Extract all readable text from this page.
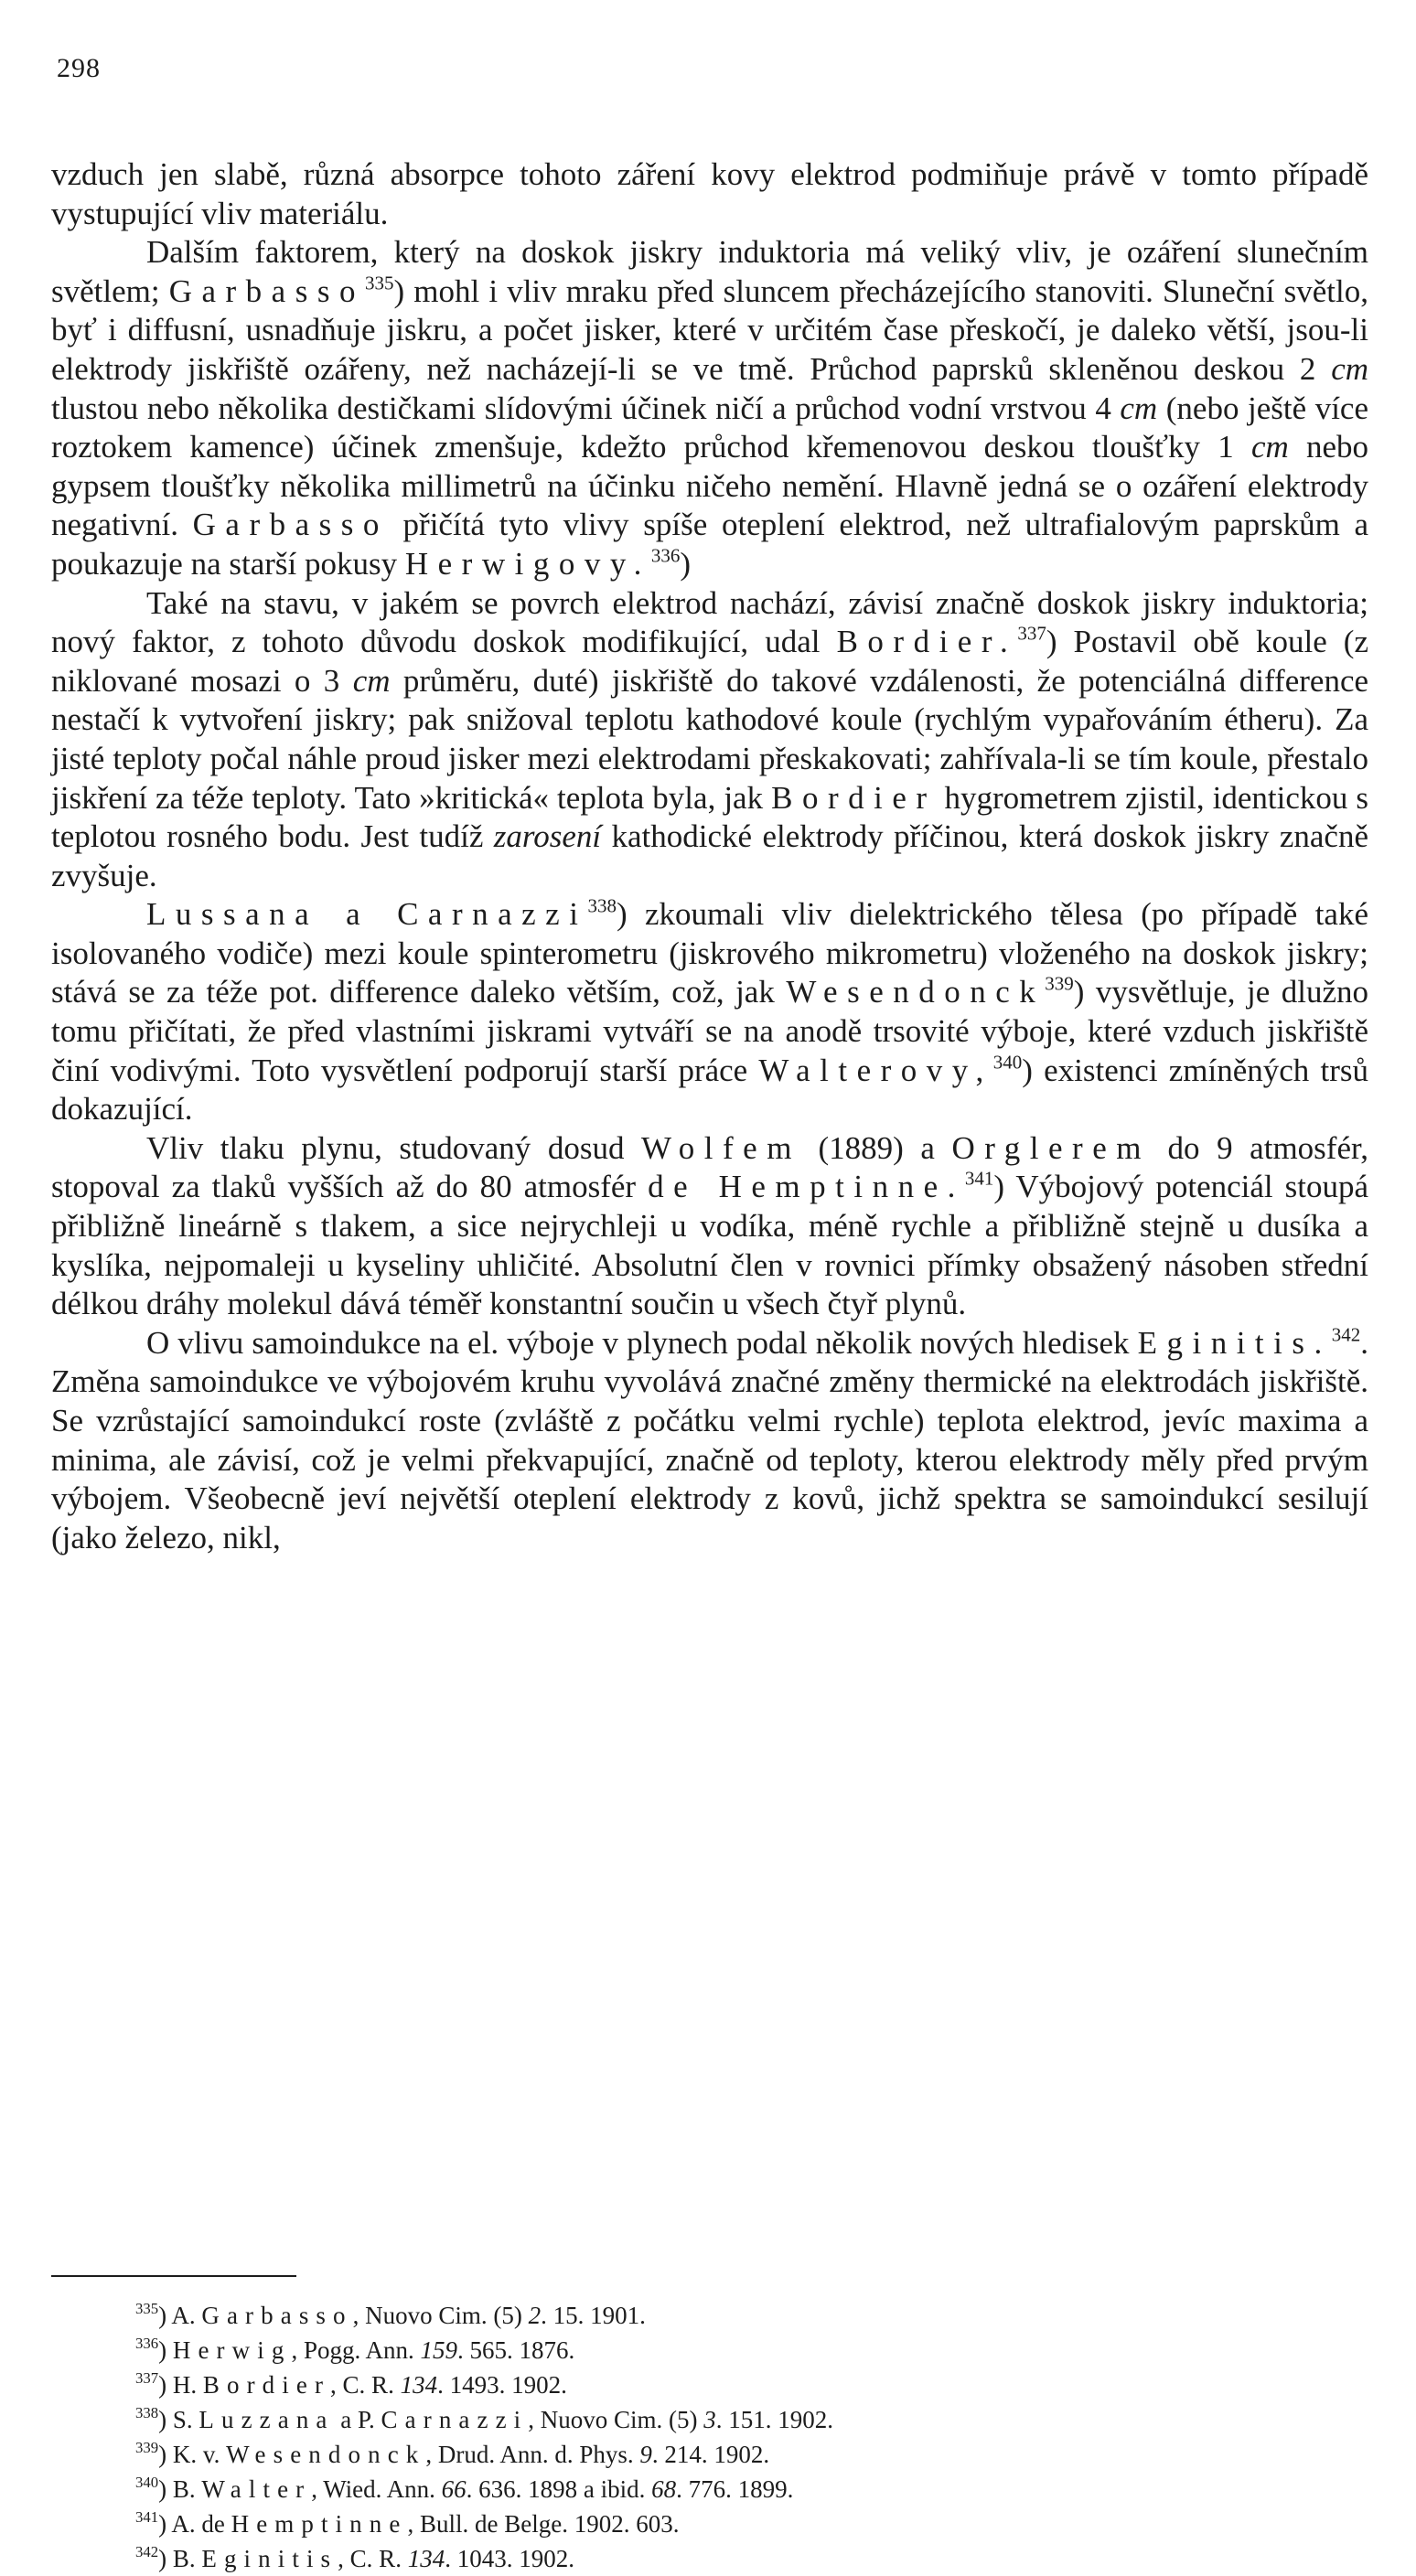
298

vzduch jen slabě, různá absorpce tohoto záření kovy elektrod podmiňuje právě v tomto případě vystupující vliv materiálu.

Dalším faktorem, který na doskok jiskry induktoria má veliký vliv, je ozáření slunečním světlem; Garbasso$^{335}$) mohl i vliv mraku před sluncem přecházejícího stanoviti. Sluneční světlo, byť i diffusní, usnadňuje jiskru, a počet jisker, které v určitém čase přeskočí, je daleko větší, jsou-li elektrody jiskřiště ozářeny, než nacházejí-li se ve tmě. Průchod paprsků skleněnou deskou 2 cm tlustou nebo několika destičkami slídovými účinek ničí a průchod vodní vrstvou 4 cm (nebo ještě více roztokem kamence) účinek zmenšuje, kdežto průchod křemenovou deskou tloušťky 1 cm nebo gypsem tloušťky několika millimetrů na účinku ničeho nemění. Hlavně jedná se o ozáření elektrody negativní. Garbasso přičítá tyto vlivy spíše oteplení elektrod, než ultrafialovým paprskům a poukazuje na starší pokusy Herwigovy.$^{336}$)

Také na stavu, v jakém se povrch elektrod nachází, závisí značně doskok jiskry induktoria; nový faktor, z tohoto důvodu doskok modifikující, udal Bordier.$^{337}$) Postavil obě koule (z niklované mosazi o 3 cm průměru, duté) jiskřiště do takové vzdálenosti, že potenciálná difference nestačí k vytvoření jiskry; pak snižoval teplotu kathodové koule (rychlým vypařováním étheru). Za jisté teploty počal náhle proud jisker mezi elektrodami přeskakovati; zahřívala-li se tím koule, přestalo jiskření za téže teploty. Tato »kritická« teplota byla, jak Bordier hygrometrem zjistil, identickou s teplotou rosného bodu. Jest tudíž zarosení kathodické elektrody příčinou, která doskok jiskry značně zvyšuje.

Lussana a Carnazzi$^{338}$) zkoumali vliv dielektrického tělesa (po případě také isolovaného vodiče) mezi koule spinterometru (jiskrového mikrometru) vloženého na doskok jiskry; stává se za téže pot. difference daleko větším, což, jak Wesendonck$^{339}$) vysvětluje, je dlužno tomu přičítati, že před vlastními jiskrami vytváří se na anodě trsovité výboje, které vzduch jiskřiště činí vodivými. Toto vysvětlení podporují starší práce Walterovy,$^{340}$) existenci zmíněných trsů dokazující.

Vliv tlaku plynu, studovaný dosud Wolfem (1889) a Orglerem do 9 atmosfér, stopoval za tlaků vyšších až do 80 atmosfér de Hemptinne.$^{341}$) Výbojový potenciál stoupá přibližně lineárně s tlakem, a sice nejrychleji u vodíka, méně rychle a přibližně stejně u dusíka a kyslíka, nejpomaleji u kyseliny uhličité. Absolutní člen v rovnici přímky obsažený násoben střední délkou dráhy molekul dává téměř konstantní součin u všech čtyř plynů.

O vlivu samoindukce na el. výboje v plynech podal několik nových hledisek Eginitis.$^{342}$. Změna samoindukce ve výbojovém kruhu vyvolává značné změny thermické na elektrodách jiskřiště. Se vzrůstající samoindukcí roste (zvláště z počátku velmi rychle) teplota elektrod, jevíc maxima a minima, ale závisí, což je velmi překvapující, značně od teploty, kterou elektrody měly před prvým výbojem. Všeobecně jeví největší oteplení elektrody z kovů, jichž spektra se samoindukcí sesilují (jako železo, nikl,

$^{335}$) A. Garbasso, Nuovo Cim. (5) 2. 15. 1901.
$^{336}$) Herwig, Pogg. Ann. 159. 565. 1876.
$^{337}$) H. Bordier, C. R. 134. 1493. 1902.
$^{338}$) S. Luzzana a P. Carnazzi, Nuovo Cim. (5) 3. 151. 1902.
$^{339}$) K. v. Wesendonck, Drud. Ann. d. Phys. 9. 214. 1902.
$^{340}$) B. Walter, Wied. Ann. 66. 636. 1898 a ibid. 68. 776. 1899.
$^{341}$) A. de Hemptinne, Bull. de Belge. 1902. 603.
$^{342}$) B. Eginitis, C. R. 134. 1043. 1902.
